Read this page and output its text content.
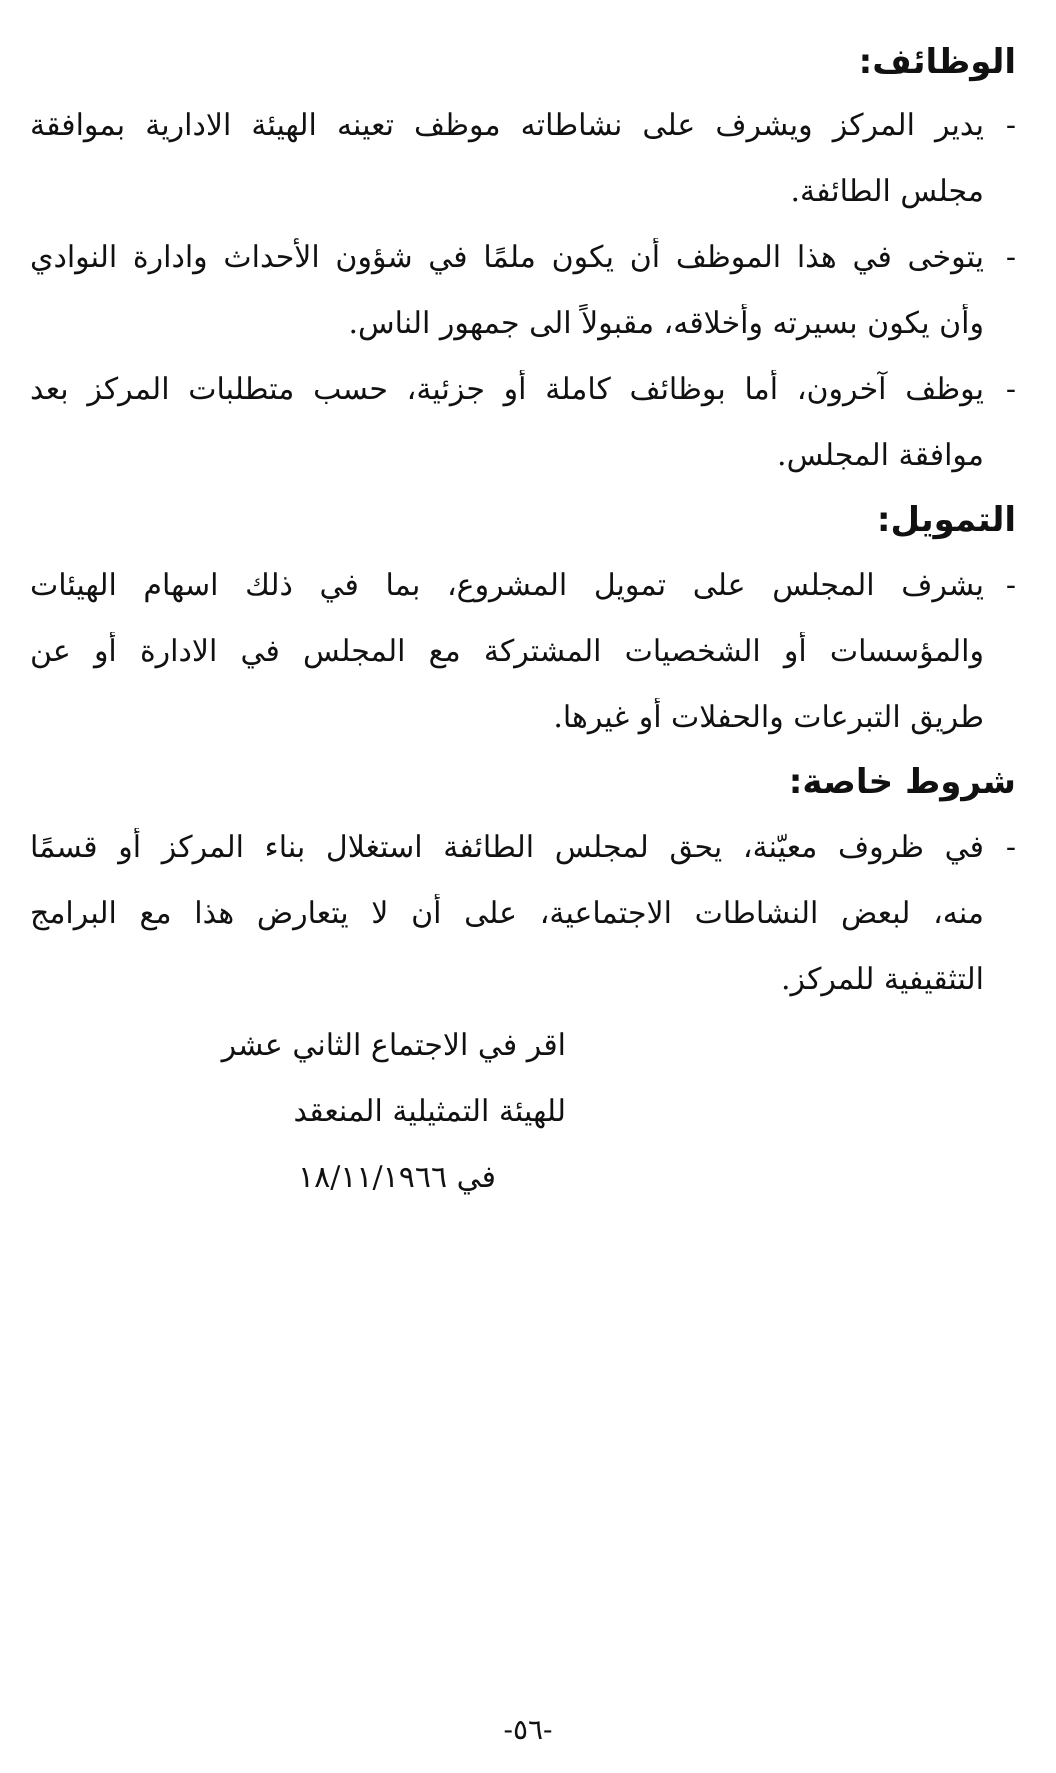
الوظائف:
-
يدير المركز ويشرف على نشاطاته موظف تعينه الهيئة الادارية بموافقة
مجلس الطائفة.
-
يتوخى في هذا الموظف أن يكون ملمًا في شؤون الأحداث وادارة النوادي
وأن يكون بسيرته وأخلاقه، مقبولاً الى جمهور الناس.
-
يوظف آخرون، أما بوظائف كاملة أو جزئية، حسب متطلبات المركز بعد
موافقة المجلس.
التمويل:
-
يشرف المجلس على تمويل المشروع، بما في ذلك اسهام الهيئات
والمؤسسات أو الشخصيات المشتركة مع المجلس في الادارة أو عن
طريق التبرعات والحفلات أو غيرها.
شروط خاصة:
-
في ظروف معيّنة، يحق لمجلس الطائفة استغلال بناء المركز أو قسمًا
منه، لبعض النشاطات الاجتماعية، على أن لا يتعارض هذا مع البرامج
التثقيفية للمركز.
اقر في الاجتماع الثاني عشر
للهيئة التمثيلية المنعقد
في ١٨/١١/١٩٦٦
-٥٦-
